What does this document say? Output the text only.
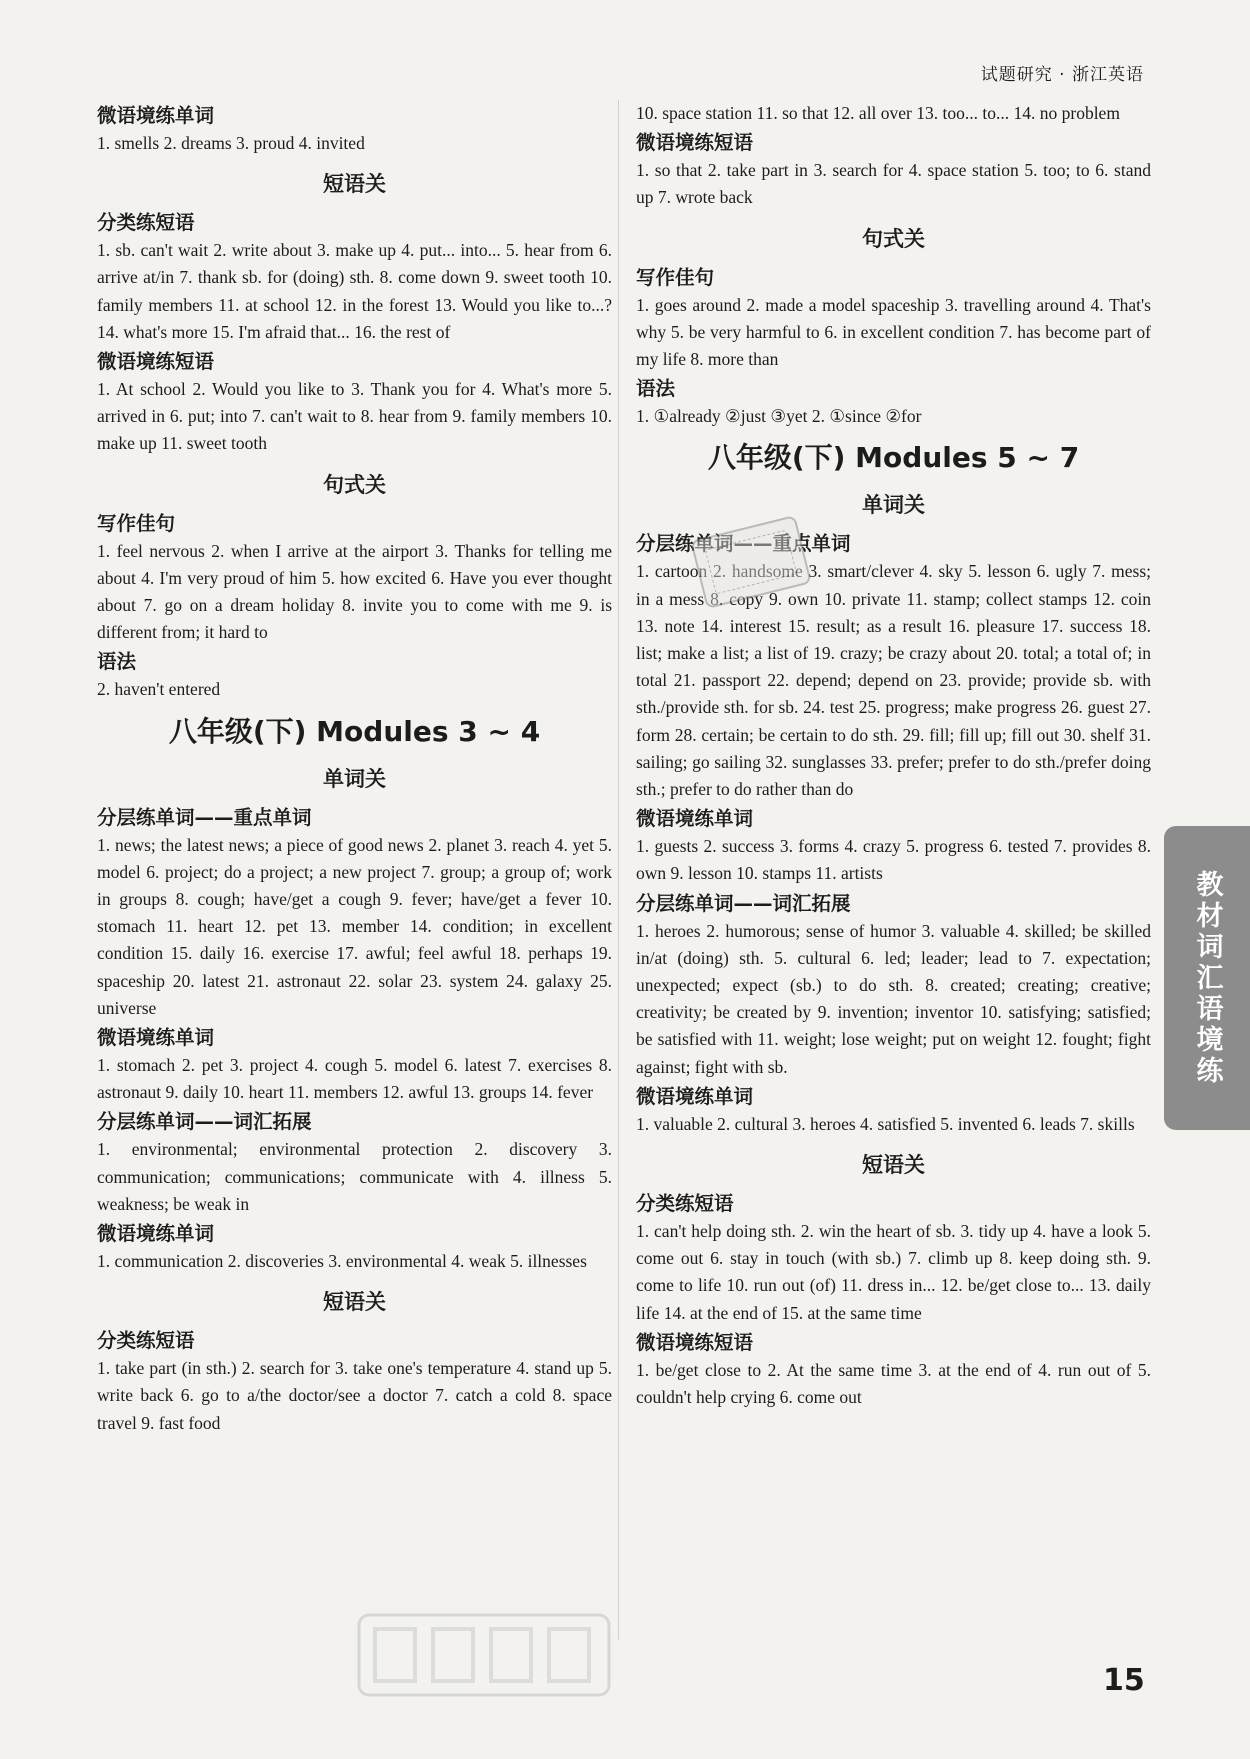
试题研究 · 浙江英语
微语境练单词
1. smells 2. dreams 3. proud 4. invited
短语关
分类练短语
1. sb. can't wait 2. write about 3. make up 4. put... into... 5. hear from 6. arrive at/in 7. thank sb. for (doing) sth. 8. come down 9. sweet tooth 10. family members 11. at school 12. in the forest 13. Would you like to...? 14. what's more 15. I'm afraid that... 16. the rest of
微语境练短语
1. At school 2. Would you like to 3. Thank you for 4. What's more 5. arrived in 6. put; into 7. can't wait to 8. hear from 9. family members 10. make up 11. sweet tooth
句式关
写作佳句
1. feel nervous 2. when I arrive at the airport 3. Thanks for telling me about 4. I'm very proud of him 5. how excited 6. Have you ever thought about 7. go on a dream holiday 8. invite you to come with me 9. is different from; it hard to
语法
2. haven't entered
八年级(下) Modules 3 ~ 4
单词关
分层练单词——重点单词
1. news; the latest news; a piece of good news 2. planet 3. reach 4. yet 5. model 6. project; do a project; a new project 7. group; a group of; work in groups 8. cough; have/get a cough 9. fever; have/get a fever 10. stomach 11. heart 12. pet 13. member 14. condition; in excellent condition 15. daily 16. exercise 17. awful; feel awful 18. perhaps 19. spaceship 20. latest 21. astronaut 22. solar 23. system 24. galaxy 25. universe
微语境练单词
1. stomach 2. pet 3. project 4. cough 5. model 6. latest 7. exercises 8. astronaut 9. daily 10. heart 11. members 12. awful 13. groups 14. fever
分层练单词——词汇拓展
1. environmental; environmental protection 2. discovery 3. communication; communications; communicate with 4. illness 5. weakness; be weak in
微语境练单词
1. communication 2. discoveries 3. environmental 4. weak 5. illnesses
短语关
分类练短语
1. take part (in sth.) 2. search for 3. take one's temperature 4. stand up 5. write back 6. go to a/the doctor/see a doctor 7. catch a cold 8. space travel 9. fast food
10. space station 11. so that 12. all over 13. too... to... 14. no problem
微语境练短语
1. so that 2. take part in 3. search for 4. space station 5. too; to 6. stand up 7. wrote back
句式关
写作佳句
1. goes around 2. made a model spaceship 3. travelling around 4. That's why 5. be very harmful to 6. in excellent condition 7. has become part of my life 8. more than
语法
1. ①already ②just ③yet 2. ①since ②for
八年级(下) Modules 5 ~ 7
单词关
分层练单词——重点单词
1. cartoon 2. handsome 3. smart/clever 4. sky 5. lesson 6. ugly 7. mess; in a mess 8. copy 9. own 10. private 11. stamp; collect stamps 12. coin 13. note 14. interest 15. result; as a result 16. pleasure 17. success 18. list; make a list; a list of 19. crazy; be crazy about 20. total; a total of; in total 21. passport 22. depend; depend on 23. provide; provide sb. with sth./provide sth. for sb. 24. test 25. progress; make progress 26. guest 27. form 28. certain; be certain to do sth. 29. fill; fill up; fill out 30. shelf 31. sailing; go sailing 32. sunglasses 33. prefer; prefer to do sth./prefer doing sth.; prefer to do rather than do
微语境练单词
1. guests 2. success 3. forms 4. crazy 5. progress 6. tested 7. provides 8. own 9. lesson 10. stamps 11. artists
分层练单词——词汇拓展
1. heroes 2. humorous; sense of humor 3. valuable 4. skilled; be skilled in/at (doing) sth. 5. cultural 6. led; leader; lead to 7. expectation; unexpected; expect (sb.) to do sth. 8. created; creating; creative; creativity; be created by 9. invention; inventor 10. satisfying; satisfied; be satisfied with 11. weight; lose weight; put on weight 12. fought; fight against; fight with sb.
微语境练单词
1. valuable 2. cultural 3. heroes 4. satisfied 5. invented 6. leads 7. skills
短语关
分类练短语
1. can't help doing sth. 2. win the heart of sb. 3. tidy up 4. have a look 5. come out 6. stay in touch (with sb.) 7. climb up 8. keep doing sth. 9. come to life 10. run out (of) 11. dress in... 12. be/get close to... 13. daily life 14. at the end of 15. at the same time
微语境练短语
1. be/get close to 2. At the same time 3. at the end of 4. run out of 5. couldn't help crying 6. come out
教材词汇语境练
15
